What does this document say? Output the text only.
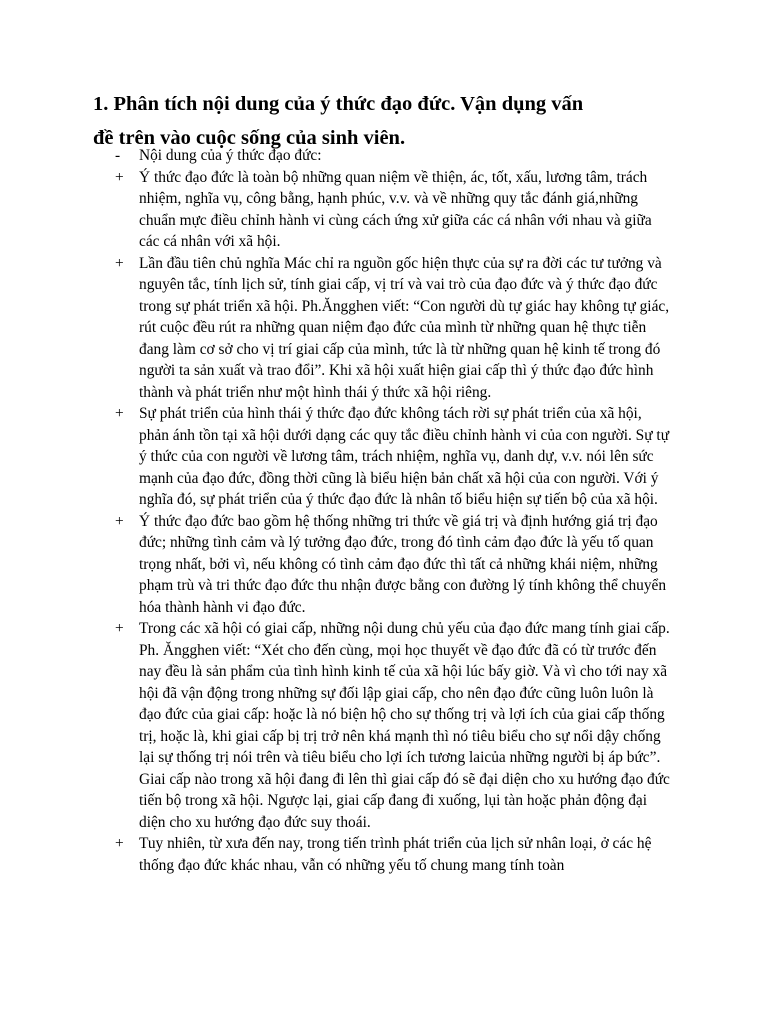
1. Phân tích nội dung của ý thức đạo đức. Vận dụng vấn
đề trên vào cuộc sống của sinh viên.
-	Nội dung của ý thức đạo đức:
+ Ý thức đạo đức là toàn bộ những quan niệm về thiện, ác, tốt, xấu, lương tâm, trách nhiệm, nghĩa vụ, công bằng, hạnh phúc, v.v. và về những quy tắc đánh giá,những chuẩn mực điều chỉnh hành vi cùng cách ứng xử giữa các cá nhân với nhau và giữa các cá nhân với xã hội.
+ Lần đầu tiên chủ nghĩa Mác chỉ ra nguồn gốc hiện thực của sự ra đời các tư tưởng và nguyên tắc, tính lịch sử, tính giai cấp, vị trí và vai trò của đạo đức và ý thức đạo đức trong sự phát triển xã hội. Ph.Ăngghen viết: “Con người dù tự giác hay không tự giác, rút cuộc đều rút ra những quan niệm đạo đức của mình từ những quan hệ thực tiễn đang làm cơ sở cho vị trí giai cấp của mình, tức là từ những quan hệ kinh tế trong đó người ta sản xuất và trao đổi”. Khi xã hội xuất hiện giai cấp thì ý thức đạo đức hình thành và phát triển như một hình thái ý thức xã hội riêng.
+ Sự phát triển của hình thái ý thức đạo đức không tách rời sự phát triển của xã hội, phản ánh tồn tại xã hội dưới dạng các quy tắc điều chỉnh hành vi của con người. Sự tự ý thức của con người về lương tâm, trách nhiệm, nghĩa vụ, danh dự, v.v. nói lên sức mạnh của đạo đức, đồng thời cũng là biểu hiện bản chất xã hội của con người. Với ý nghĩa đó, sự phát triển của ý thức đạo đức là nhân tố biểu hiện sự tiến bộ của xã hội.
+ Ý thức đạo đức bao gồm hệ thống những tri thức về giá trị và định hướng giá trị đạo đức; những tình cảm và lý tưởng đạo đức, trong đó tình cảm đạo đức là yếu tố quan trọng nhất, bởi vì, nếu không có tình cảm đạo đức thì tất cả những khái niệm, những phạm trù và tri thức đạo đức thu nhận được bằng con đường lý tính không thể chuyển hóa thành hành vi đạo đức.
+ Trong các xã hội có giai cấp, những nội dung chủ yếu của đạo đức mang tính giai cấp. Ph. Ăngghen viết: “Xét cho đến cùng, mọi học thuyết về đạo đức đã có từ trước đến nay đều là sản phẩm của tình hình kinh tế của xã hội lúc bấy giờ. Và vì cho tới nay xã hội đã vận động trong những sự đối lập giai cấp, cho nên đạo đức cũng luôn luôn là đạo đức của giai cấp: hoặc là nó biện hộ cho sự thống trị và lợi ích của giai cấp thống trị, hoặc là, khi giai cấp bị trị trở nên khá mạnh thì nó tiêu biểu cho sự nổi dậy chống lại sự thống trị nói trên và tiêu biểu cho lợi ích tương laicủa những người bị áp bức”. Giai cấp nào trong xã hội đang đi lên thì giai cấp đó sẽ đại diện cho xu hướng đạo đức tiến bộ trong xã hội. Ngược lại, giai cấp đang đi xuống, lụi tàn hoặc phản động đại diện cho xu hướng đạo đức suy thoái.
+ Tuy nhiên, từ xưa đến nay, trong tiến trình phát triển của lịch sử nhân loại, ở các hệ thống đạo đức khác nhau, vẫn có những yếu tố chung mang tính toàn
